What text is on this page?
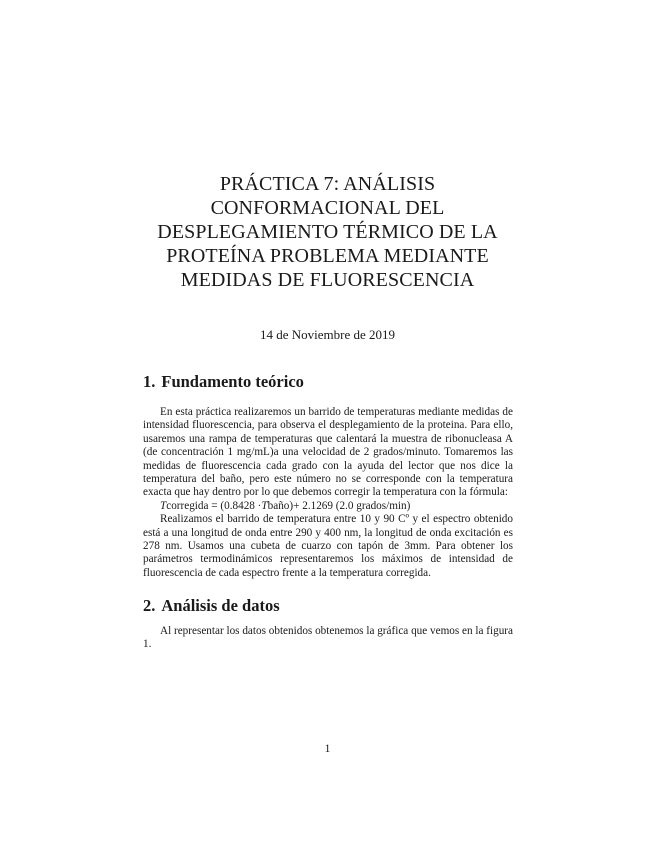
PRÁCTICA 7: ANÁLISIS
CONFORMACIONAL DEL
DESPLEGAMIENTO TÉRMICO DE LA
PROTEÍNA PROBLEMA MEDIANTE
MEDIDAS DE FLUORESCENCIA
14 de Noviembre de 2019
1. Fundamento teórico

En esta práctica realizaremos un barrido de temperaturas mediante medidas de intensidad fluorescencia, para observa el desplegamiento de la proteina. Para ello, usaremos una rampa de temperaturas que calentará la muestra de ribonucleasa A (de concentración 1 mg/mL)a una velocidad de 2 grados/minuto. Tomaremos las medidas de fluorescencia cada grado con la ayuda del lector que nos dice la temperatura del baño, pero este número no se corresponde con la temperatura exacta que hay dentro por lo que debemos corregir la temperatura con la fórmula:

Tcorregida = (0.8428 ·Tbaño)+ 2.1269 (2.0 grados/min)

Realizamos el barrido de temperatura entre 10 y 90 Cº y el espectro obtenido está a una longitud de onda entre 290 y 400 nm, la longitud de onda excitación es 278 nm. Usamos una cubeta de cuarzo con tapón de 3mm. Para obtener los parámetros termodinámicos representaremos los máximos de intensidad de fluorescencia de cada espectro frente a la temperatura corregida.

2. Análisis de datos

Al representar los datos obtenidos obtenemos la gráfica que vemos en la figura 1.

1
